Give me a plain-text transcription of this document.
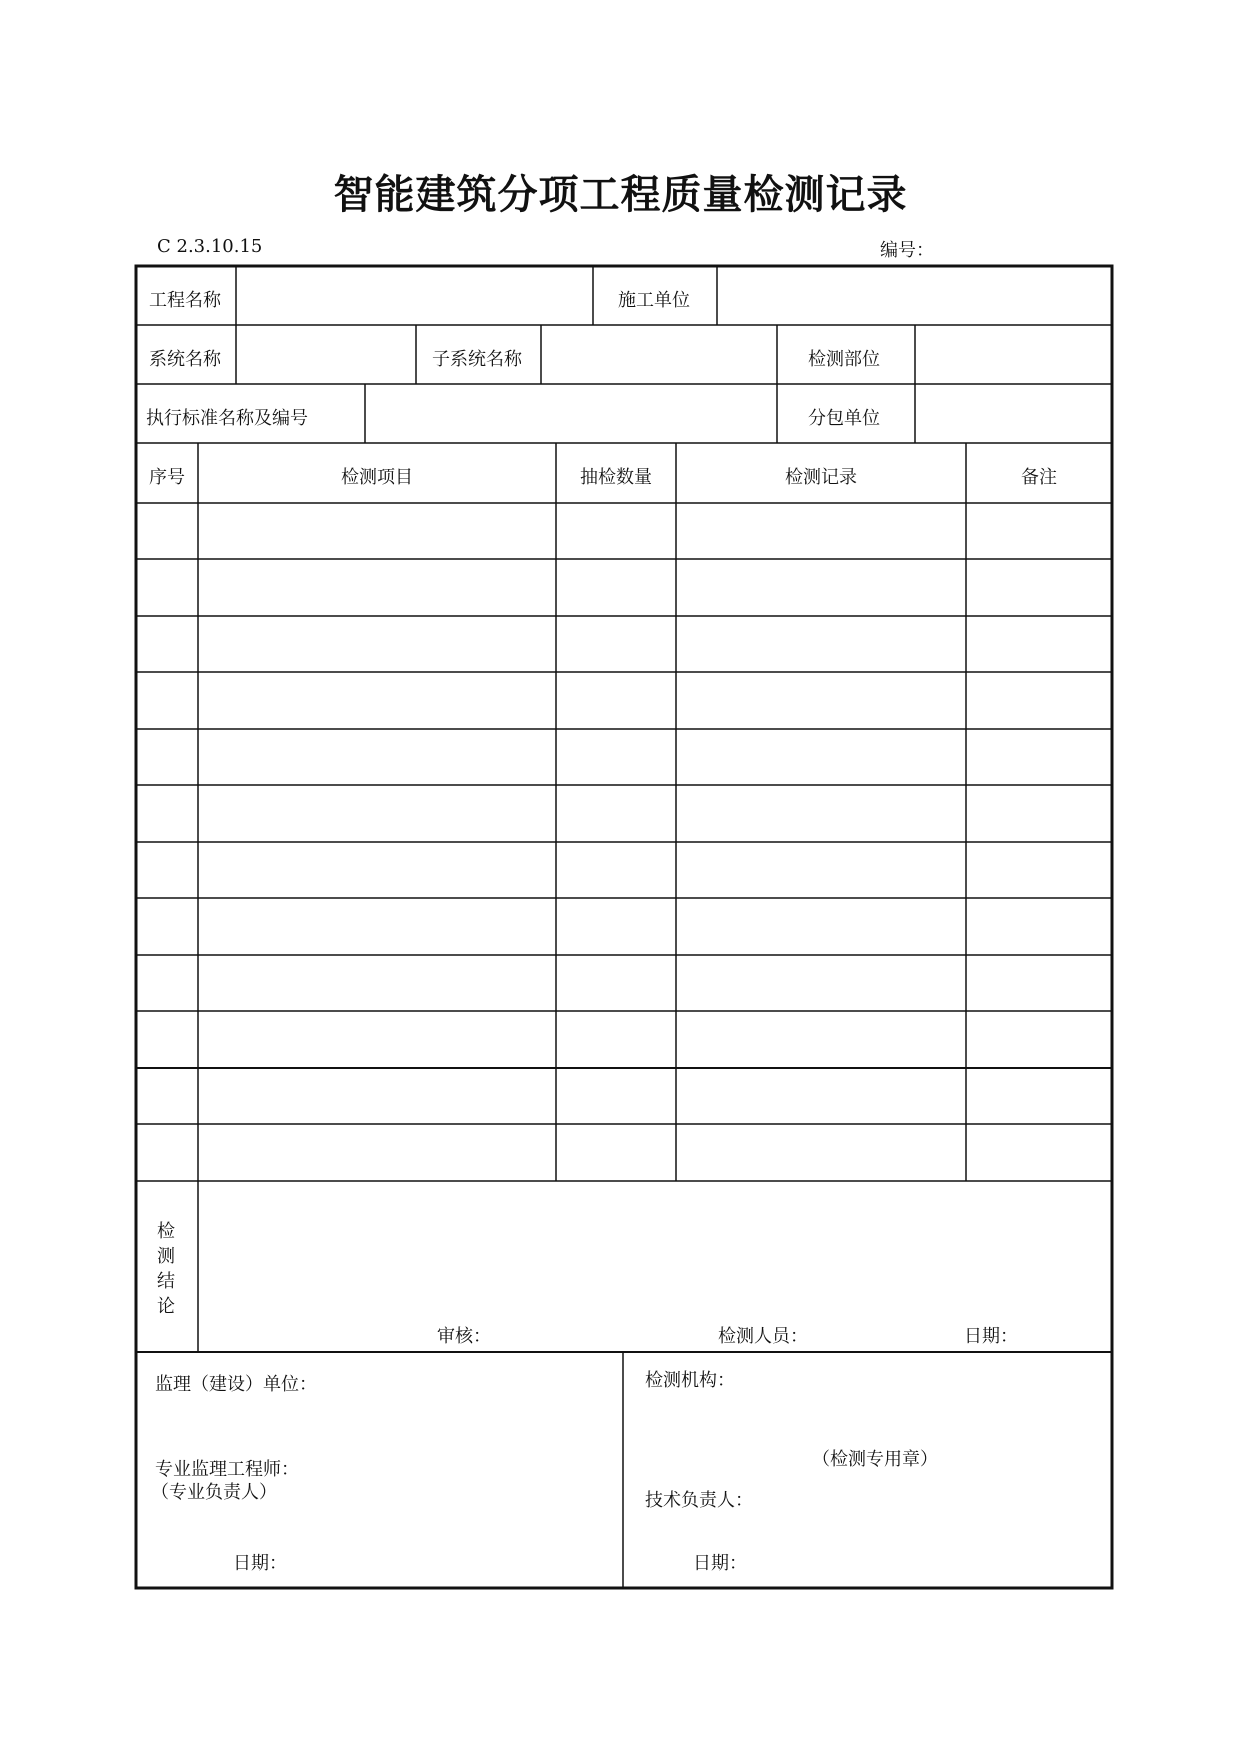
智能建筑分项工程质量检测记录
C 2.3.10.15	编号：
工程名称	施工单位
系统名称	子系统名称	检测部位
执行标准名称及编号	分包单位
序号	检测项目	抽检数量	检测记录	备注
检
测
结
论
审核：	检测人员：	日期：
监理（建设）单位：
专业监理工程师：
（专业负责人）
日期：
检测机构：
（检测专用章）
技术负责人：
日期：
